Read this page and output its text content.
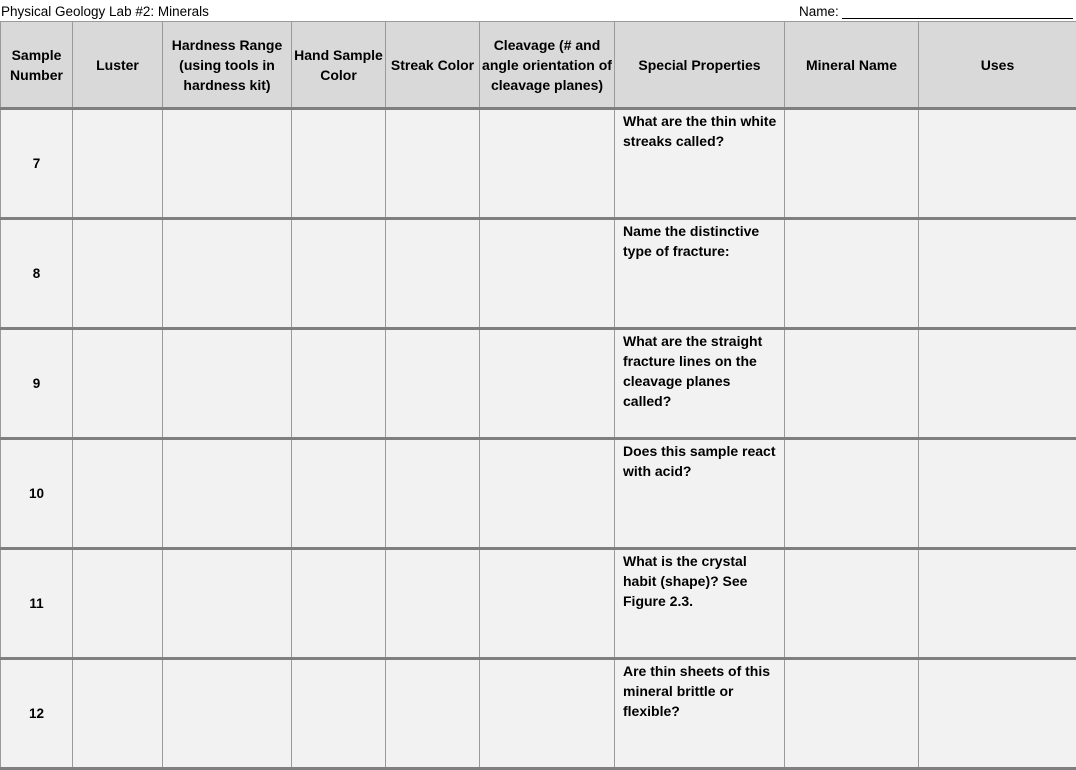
Physical Geology Lab #2: Minerals	Name:
Sample Number	Luster	Hardness Range (using tools in hardness kit)	Hand Sample Color	Streak Color	Cleavage (# and angle orientation of cleavage planes)	Special Properties	Mineral Name	Uses
7						What are the thin white streaks called?		
8						Name the distinctive type of fracture:		
9						What are the straight fracture lines on the cleavage planes called?		
10						Does this sample react with acid?		
11						What is the crystal habit (shape)? See Figure 2.3.		
12						Are thin sheets of this mineral brittle or flexible?		
